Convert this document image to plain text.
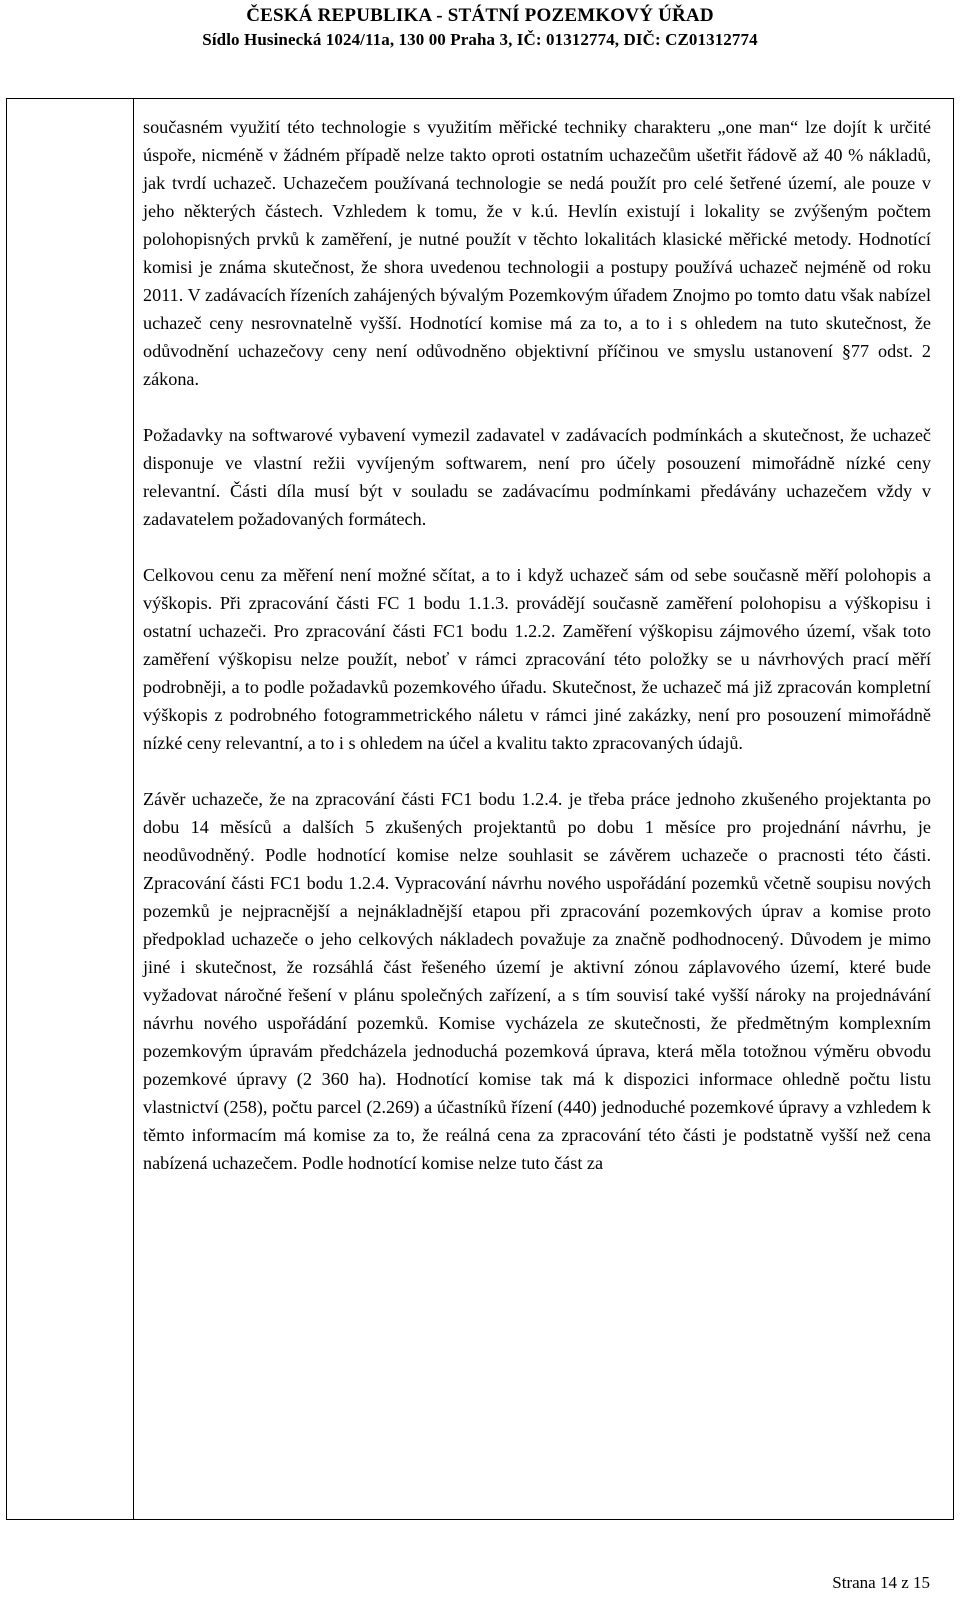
ČESKÁ REPUBLIKA - STÁTNÍ POZEMKOVÝ ÚŘAD
Sídlo Husinecká 1024/11a, 130 00 Praha 3, IČ: 01312774, DIČ: CZ01312774

současném využití této technologie s využitím měřické techniky charakteru „one man“ lze dojít k určité úspoře, nicméně v žádném případě nelze takto oproti ostatním uchazečům ušetřit řádově až 40 % nákladů, jak tvrdí uchazeč. Uchazečem používaná technologie se nedá použít pro celé šetřené území, ale pouze v jeho některých částech. Vzhledem k tomu, že v k.ú. Hevlín existují i lokality se zvýšeným počtem polohopisných prvků k zaměření, je nutné použít v těchto lokalitách klasické měřické metody. Hodnotící komisi je známa skutečnost, že shora uvedenou technologii a postupy používá uchazeč nejméně od roku 2011. V zadávacích řízeních zahájených bývalým Pozemkovým úřadem Znojmo po tomto datu však nabízel uchazeč ceny nesrovnatelně vyšší. Hodnotící komise má za to, a to i s ohledem na tuto skutečnost, že odůvodnění uchazečovy ceny není odůvodněno objektivní příčinou ve smyslu ustanovení §77 odst. 2 zákona.

Požadavky na softwarové vybavení vymezil zadavatel v zadávacích podmínkách a skutečnost, že uchazeč disponuje ve vlastní režii vyvíjeným softwarem, není pro účely posouzení mimořádně nízké ceny relevantní. Části díla musí být v souladu se zadávacímu podmínkami předávány uchazečem vždy v zadavatelem požadovaných formátech.

Celkovou cenu za měření není možné sčítat, a to i když uchazeč sám od sebe současně měří polohopis a výškopis. Při zpracování části FC 1 bodu 1.1.3. provádějí současně zaměření polohopisu a výškopisu i ostatní uchazeči. Pro zpracování části FC1 bodu 1.2.2. Zaměření výškopisu zájmového území, však toto zaměření výškopisu nelze použít, neboť v rámci zpracování této položky se u návrhových prací měří podrobněji, a to podle požadavků pozemkového úřadu. Skutečnost, že uchazeč má již zpracován kompletní výškopis z podrobného fotogrammetrického náletu v rámci jiné zakázky, není pro posouzení mimořádně nízké ceny relevantní, a to i s ohledem na účel a kvalitu takto zpracovaných údajů.

Závěr uchazeče, že na zpracování části FC1 bodu 1.2.4. je třeba práce jednoho zkušeného projektanta po dobu 14 měsíců a dalších 5 zkušených projektantů po dobu 1 měsíce pro projednání návrhu, je neodůvodněný. Podle hodnotící komise nelze souhlasit se závěrem uchazeče o pracnosti této části. Zpracování části FC1 bodu 1.2.4. Vypracování návrhu nového uspořádání pozemků včetně soupisu nových pozemků je nejpracnější a nejnákladnější etapou při zpracování pozemkových úprav a komise proto předpoklad uchazeče o jeho celkových nákladech považuje za značně podhodnocený. Důvodem je mimo jiné i skutečnost, že rozsáhlá část řešeného území je aktivní zónou záplavového území, které bude vyžadovat náročné řešení v plánu společných zařízení, a s tím souvisí také vyšší nároky na projednávání návrhu nového uspořádání pozemků. Komise vycházela ze skutečnosti, že předmětným komplexním pozemkovým úpravám předcházela jednoduchá pozemková úprava, která měla totožnou výměru obvodu pozemkové úpravy (2 360 ha). Hodnotící komise tak má k dispozici informace ohledně počtu listu vlastnictví (258), počtu parcel (2.269) a účastníků řízení (440) jednoduché pozemkové úpravy a vzhledem k těmto informacím má komise za to, že reálná cena za zpracování této části je podstatně vyšší než cena nabízená uchazečem. Podle hodnotící komise nelze tuto část za

Strana 14 z 15
